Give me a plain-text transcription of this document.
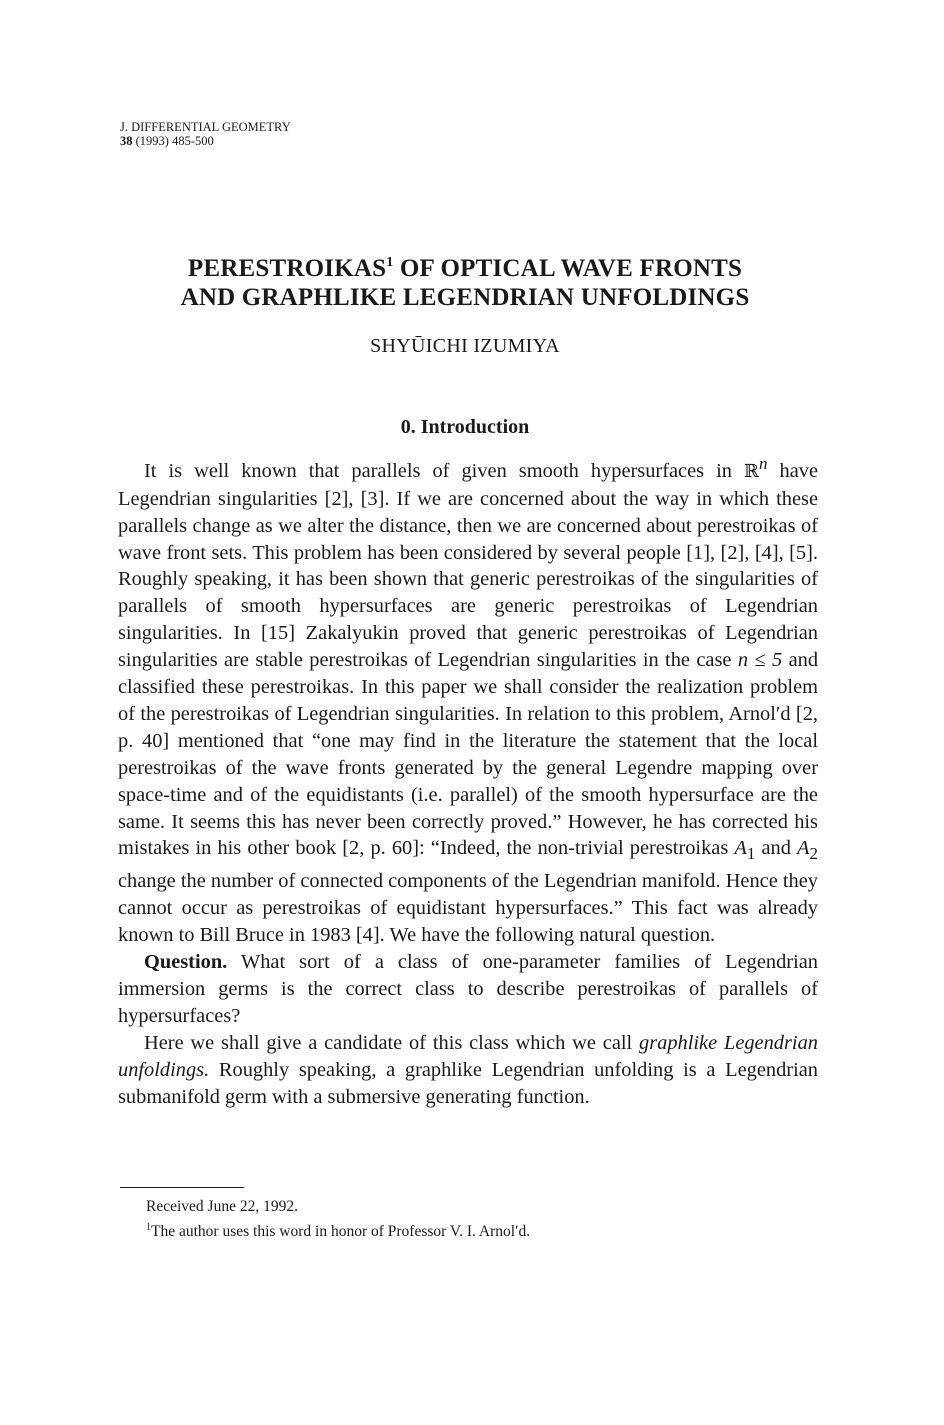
J. DIFFERENTIAL GEOMETRY
38 (1993) 485-500
PERESTROIKAS$^1$ OF OPTICAL WAVE FRONTS
AND GRAPHLIKE LEGENDRIAN UNFOLDINGS
SHYŪICHI IZUMIYA
0. Introduction

It is well known that parallels of given smooth hypersurfaces in ℝ$^n$ have Legendrian singularities [2], [3]. If we are concerned about the way in which these parallels change as we alter the distance, then we are concerned about perestroikas of wave front sets. This problem has been considered by several people [1], [2], [4], [5]. Roughly speaking, it has been shown that generic perestroikas of the singularities of parallels of smooth hypersurfaces are generic perestroikas of Legendrian singularities. In [15] Zakalyukin proved that generic perestroikas of Legendrian singularities are stable perestroikas of Legendrian singularities in the case n ≤ 5 and classified these perestroikas. In this paper we shall consider the realization problem of the perestroikas of Legendrian singularities. In relation to this problem, Arnol′d [2, p. 40] mentioned that “one may find in the literature the statement that the local perestroikas of the wave fronts generated by the general Legendre mapping over space-time and of the equidistants (i.e. parallel) of the smooth hypersurface are the same. It seems this has never been correctly proved.” However, he has corrected his mistakes in his other book [2, p. 60]: “Indeed, the non-trivial perestroikas $A_1$ and $A_2$ change the number of connected components of the Legendrian manifold. Hence they cannot occur as perestroikas of equidistant hypersurfaces.” This fact was already known to Bill Bruce in 1983 [4]. We have the following natural question.

Question. What sort of a class of one-parameter families of Legendrian immersion germs is the correct class to describe perestroikas of parallels of hypersurfaces?

Here we shall give a candidate of this class which we call graphlike Legendrian unfoldings. Roughly speaking, a graphlike Legendrian unfolding is a Legendrian submanifold germ with a submersive generating function.

Received June 22, 1992.
$^1$The author uses this word in honor of Professor V. I. Arnol′d.
